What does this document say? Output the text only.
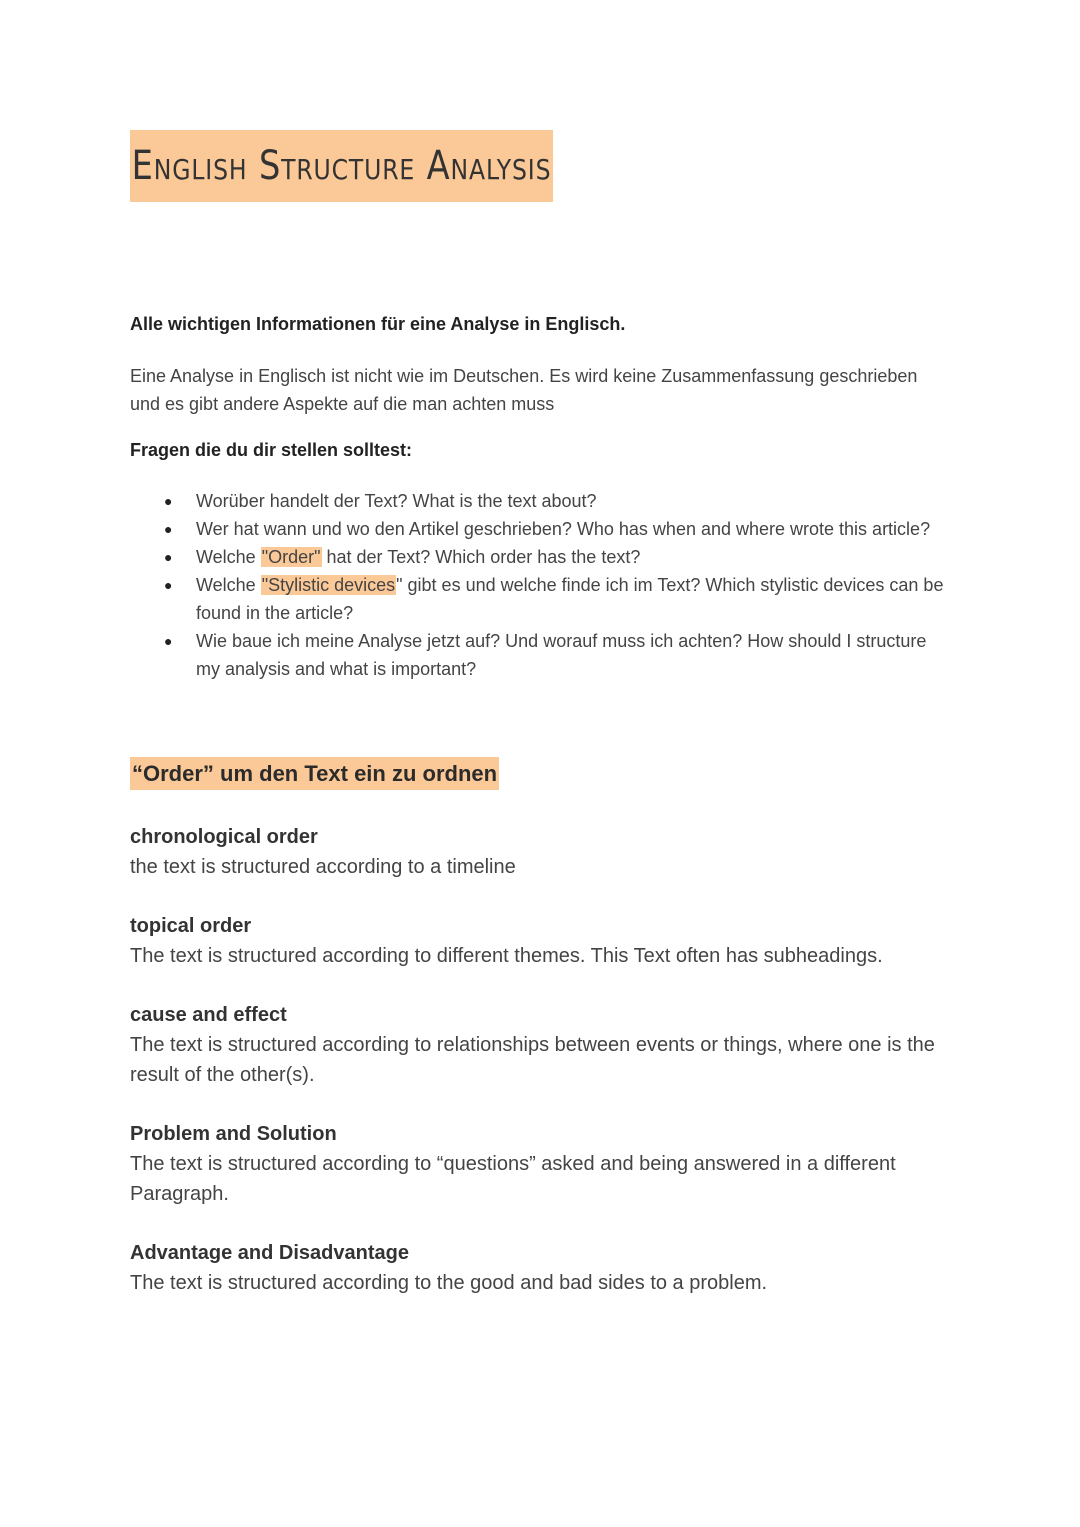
English Structure Analysis
Alle wichtigen Informationen für eine Analyse in Englisch.
Eine Analyse in Englisch ist nicht wie im Deutschen. Es wird keine Zusammenfassung geschrieben und es gibt andere Aspekte auf die man achten muss
Fragen die du dir stellen solltest:
● Worüber handelt der Text? What is the text about?
● Wer hat wann und wo den Artikel geschrieben? Who has when and where wrote this article?
● Welche "Order" hat der Text? Which order has the text?
● Welche "Stylistic devices" gibt es und welche finde ich im Text? Which stylistic devices can be found in the article?
● Wie baue ich meine Analyse jetzt auf? Und worauf muss ich achten? How should I structure my analysis and what is important?
“Order” um den Text ein zu ordnen
chronological order
the text is structured according to a timeline
topical order
The text is structured according to different themes. This Text often has subheadings.
cause and effect
The text is structured according to relationships between events or things, where one is the result of the other(s).
Problem and Solution
The text is structured according to “questions” asked and being answered in a different Paragraph.
Advantage and Disadvantage
The text is structured according to the good and bad sides to a problem.
